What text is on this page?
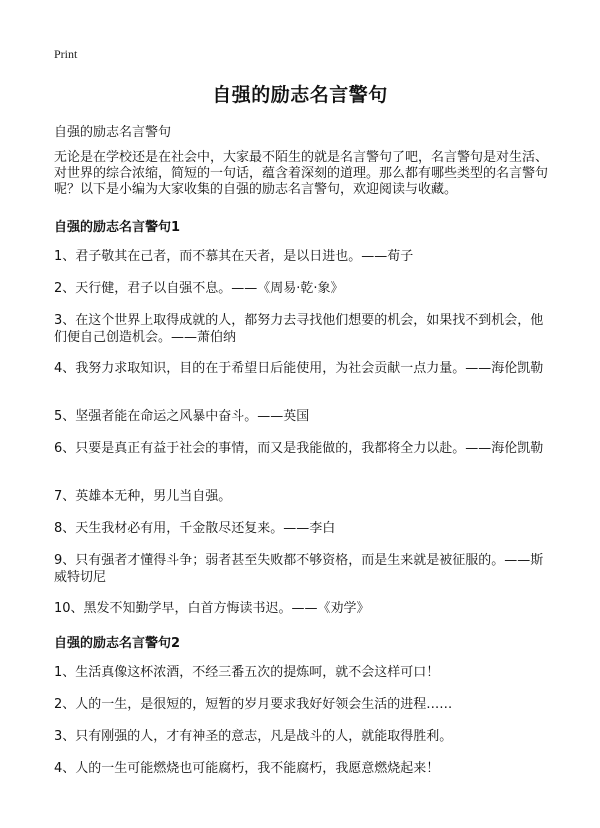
Print
自强的励志名言警句

自强的励志名言警句

无论是在学校还是在社会中，大家最不陌生的就是名言警句了吧，名言警句是对生活、对世界的综合浓缩，简短的一句话，蕴含着深刻的道理。那么都有哪些类型的名言警句呢？以下是小编为大家收集的自强的励志名言警句，欢迎阅读与收藏。

自强的励志名言警句1

1、君子敬其在己者，而不慕其在天者，是以日进也。——荀子

2、天行健，君子以自强不息。——《周易·乾·象》

3、在这个世界上取得成就的人，都努力去寻找他们想要的机会，如果找不到机会，他们便自己创造机会。——萧伯纳

4、我努力求取知识，目的在于希望日后能使用，为社会贡献一点力量。——海伦凯勒

5、坚强者能在命运之风暴中奋斗。——英国

6、只要是真正有益于社会的事情，而又是我能做的，我都将全力以赴。——海伦凯勒

7、英雄本无种，男儿当自强。

8、天生我材必有用，千金散尽还复来。——李白

9、只有强者才懂得斗争；弱者甚至失败都不够资格，而是生来就是被征服的。——斯威特切尼

10、黑发不知勤学早，白首方悔读书迟。——《劝学》

自强的励志名言警句2

1、生活真像这杯浓酒，不经三番五次的提炼呵，就不会这样可口！

2、人的一生，是很短的，短暂的岁月要求我好好领会生活的进程……

3、只有刚强的人，才有神圣的意志，凡是战斗的人，就能取得胜利。

4、人的一生可能燃烧也可能腐朽，我不能腐朽，我愿意燃烧起来！
